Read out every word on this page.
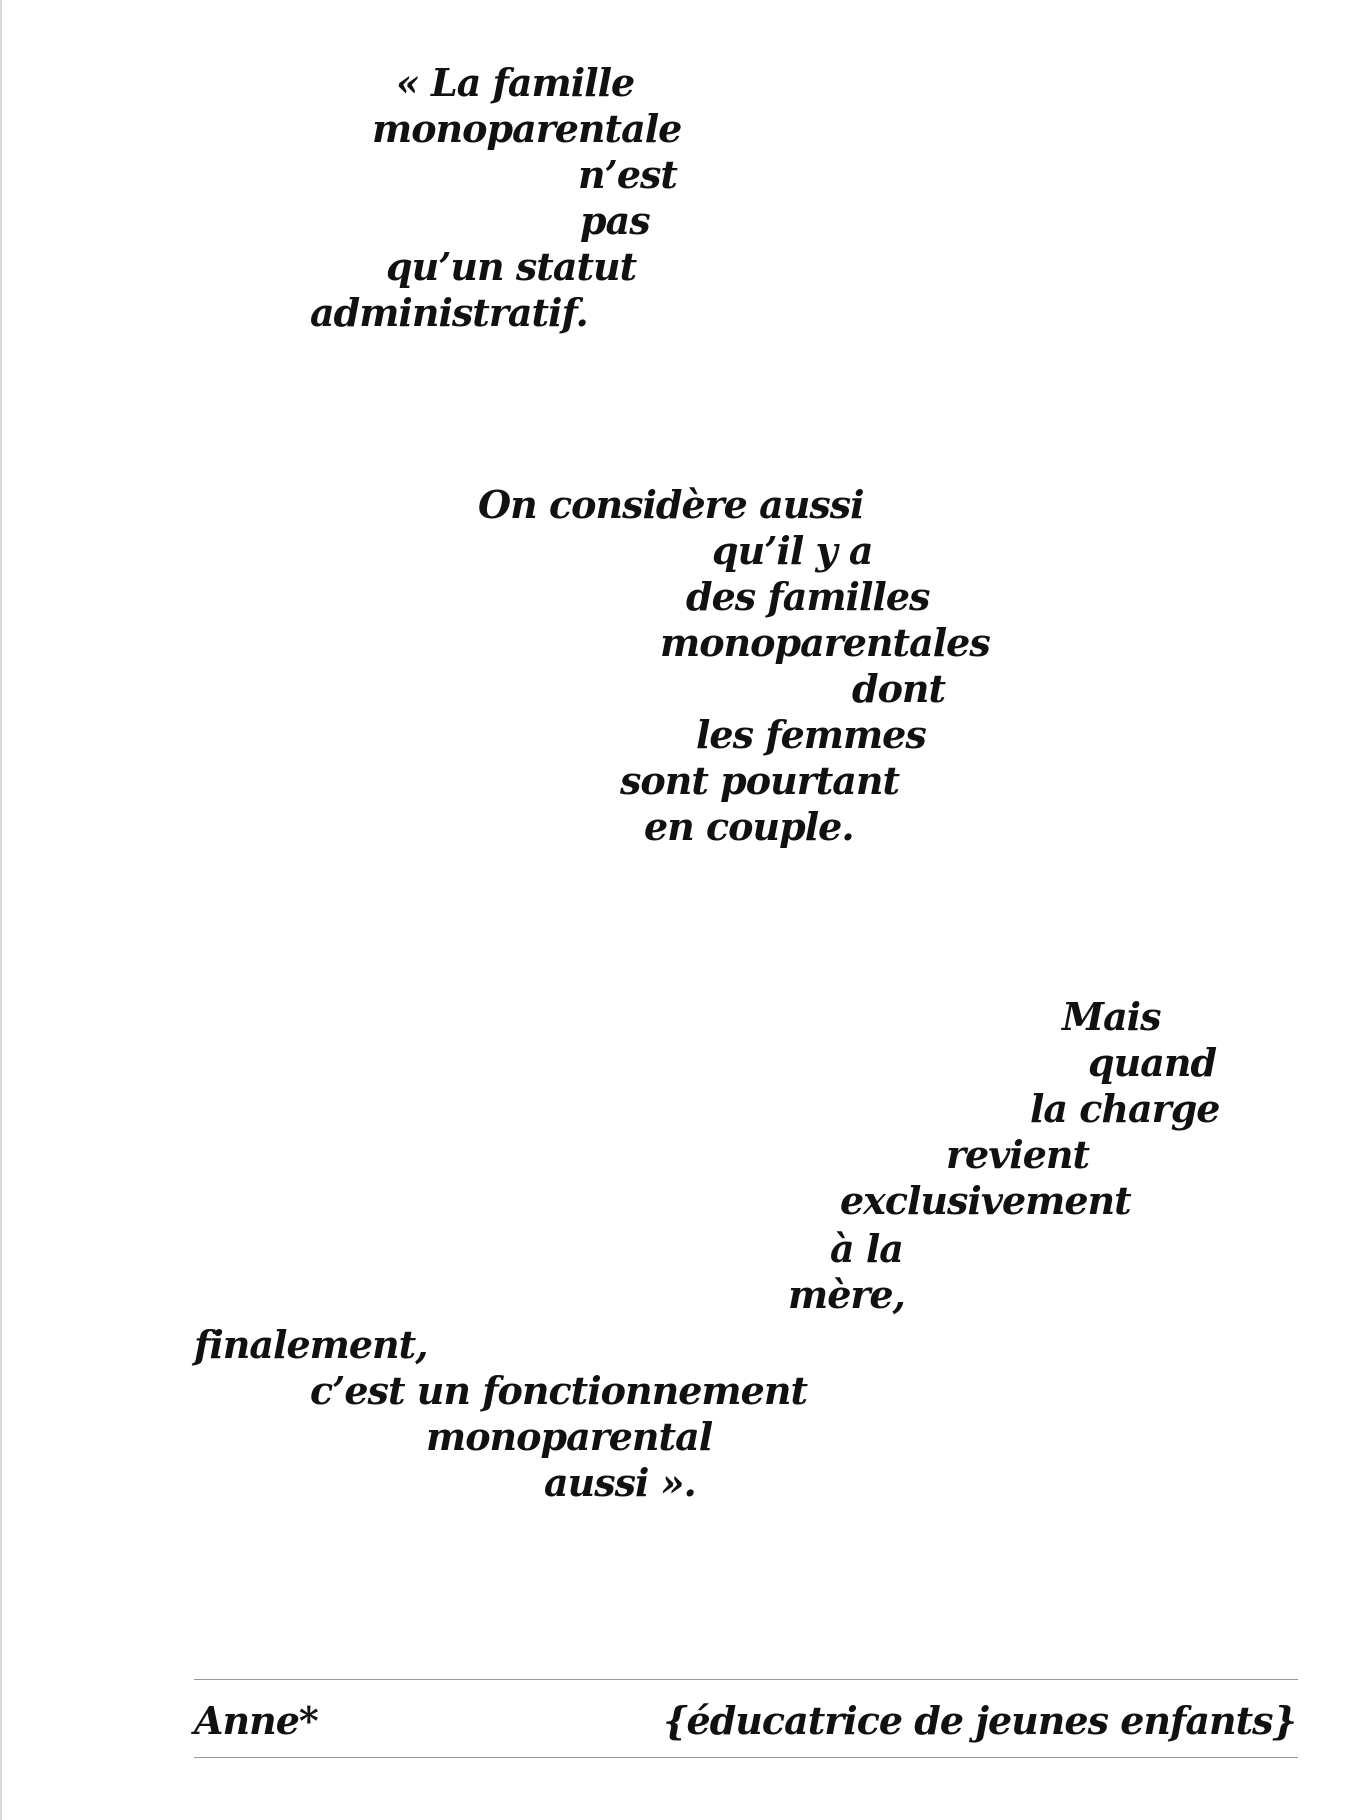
« La famille

monoparentale

n’est

pas

qu’un statut

administratif.

On considère aussi

qu’il y a

des familles

monoparentales

dont

les femmes

sont pourtant

en couple.

Mais

quand

la charge

revient

exclusivement

à la

mère,

finalement,

c’est un fonctionnement

monoparental

aussi ».

Anne*	{éducatrice de jeunes enfants}
